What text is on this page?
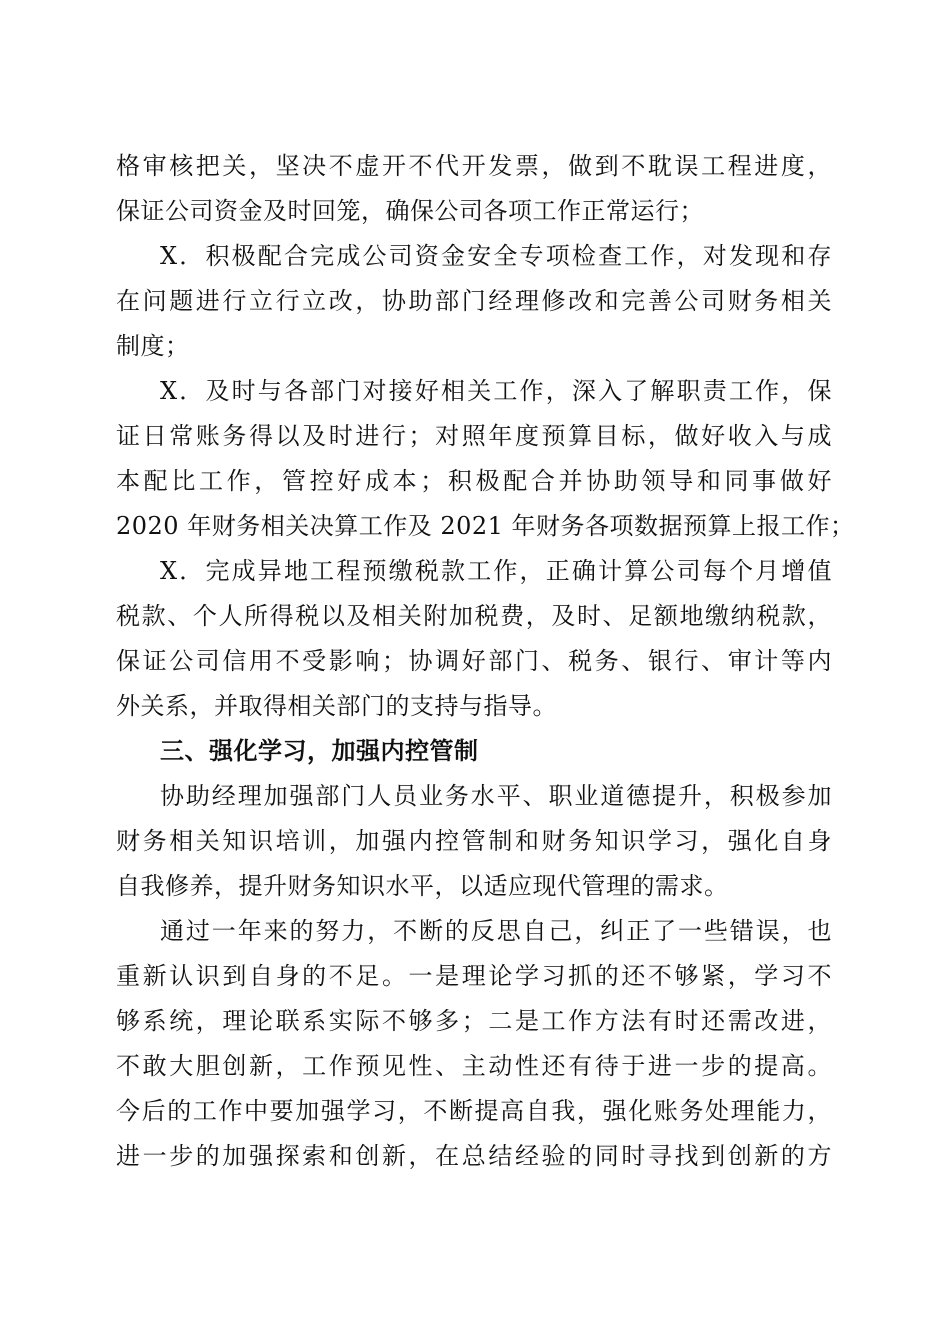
格审核把关，坚决不虚开不代开发票，做到不耽误工程进度，
保证公司资金及时回笼，确保公司各项工作正常运行；
X．积极配合完成公司资金安全专项检查工作，对发现和存
在问题进行立行立改，协助部门经理修改和完善公司财务相关
制度；
X．及时与各部门对接好相关工作，深入了解职责工作，保
证日常账务得以及时进行；对照年度预算目标，做好收入与成
本配比工作，管控好成本；积极配合并协助领导和同事做好
2020 年财务相关决算工作及 2021 年财务各项数据预算上报工作；
X．完成异地工程预缴税款工作，正确计算公司每个月增值
税款、个人所得税以及相关附加税费，及时、足额地缴纳税款，
保证公司信用不受影响；协调好部门、税务、银行、审计等内
外关系，并取得相关部门的支持与指导。
三、强化学习，加强内控管制
协助经理加强部门人员业务水平、职业道德提升，积极参加
财务相关知识培训，加强内控管制和财务知识学习，强化自身
自我修养，提升财务知识水平，以适应现代管理的需求。
通过一年来的努力，不断的反思自己，纠正了一些错误，也
重新认识到自身的不足。一是理论学习抓的还不够紧，学习不
够系统，理论联系实际不够多；二是工作方法有时还需改进，
不敢大胆创新，工作预见性、主动性还有待于进一步的提高。
今后的工作中要加强学习，不断提高自我，强化账务处理能力，
进一步的加强探索和创新，在总结经验的同时寻找到创新的方
